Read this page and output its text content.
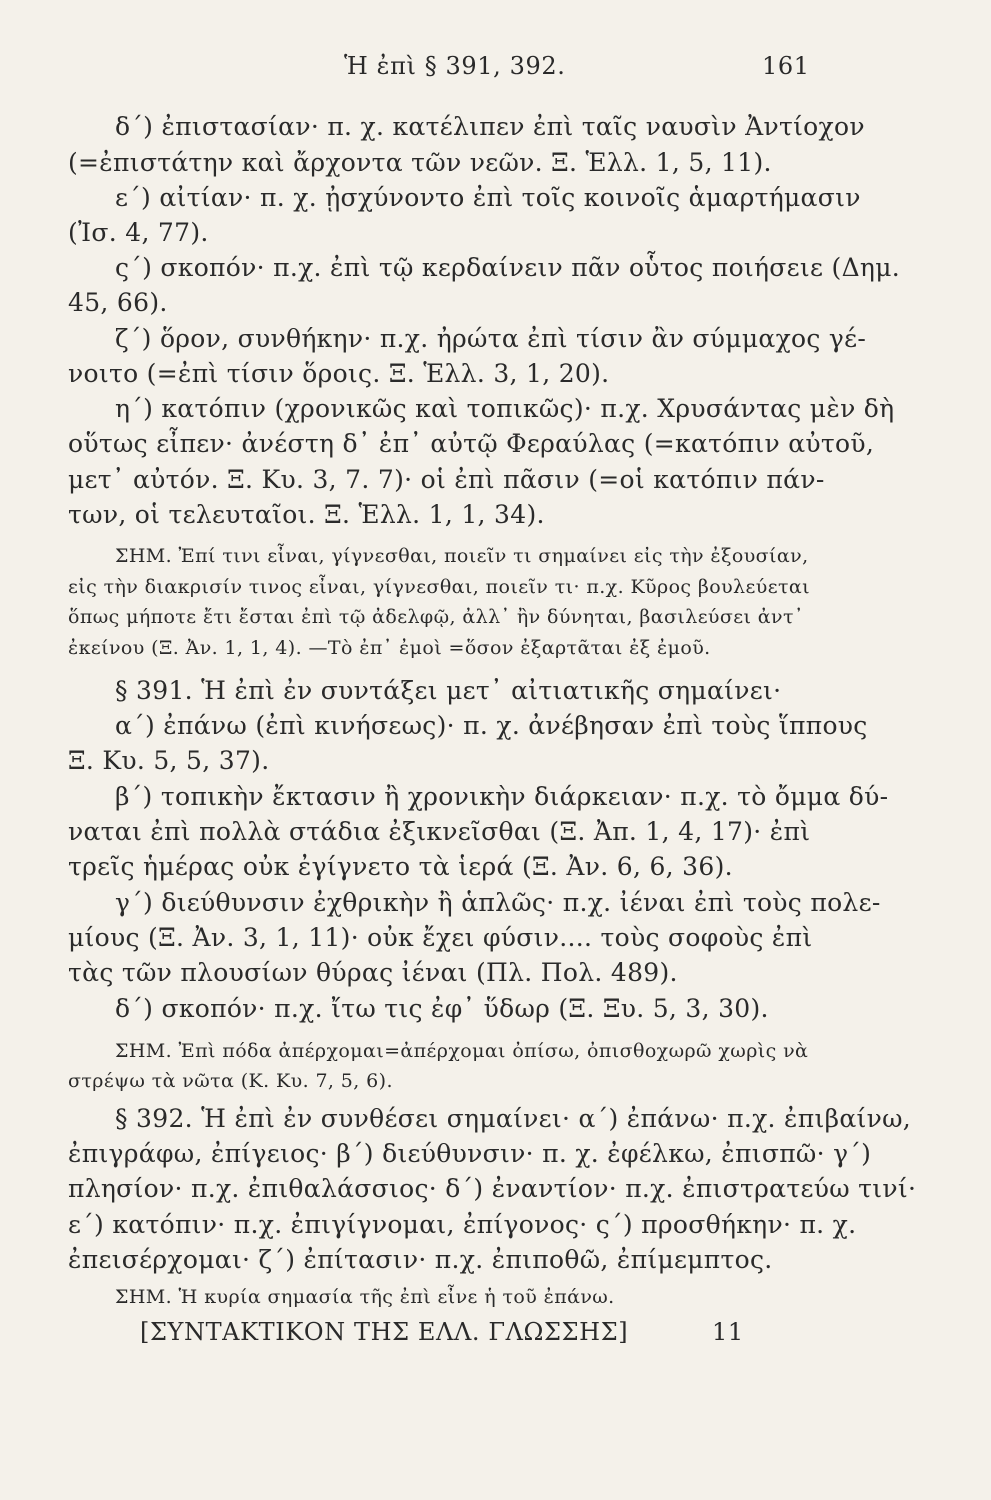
Ἡ ἐπὶ § 391, 392.	161
δ΄) ἐπιστασίαν· π. χ. κατέλιπεν ἐπὶ ταῖς ναυσὶν Ἀντίοχον
(=ἐπιστάτην καὶ ἄρχοντα τῶν νεῶν. Ξ. Ἑλλ. 1, 5, 11).
ε΄) αἰτίαν· π. χ. ᾐσχύνοντο ἐπὶ τοῖς κοινοῖς ἁμαρτήμασιν
(Ἰσ. 4, 77).
ς΄) σκοπόν· π.χ. ἐπὶ τῷ κερδαίνειν πᾶν οὗτος ποιήσειε (Δημ.
45, 66).
ζ΄) ὅρον, συνθήκην· π.χ. ἠρώτα ἐπὶ τίσιν ἂν σύμμαχος γέ-
νοιτο (=ἐπὶ τίσιν ὅροις. Ξ. Ἑλλ. 3, 1, 20).
η΄) κατόπιν (χρονικῶς καὶ τοπικῶς)· π.χ. Χρυσάντας μὲν δὴ
οὕτως εἶπεν· ἀνέστη δ᾽ ἐπ᾽ αὐτῷ Φεραύλας (=κατόπιν αὐτοῦ,
μετ᾽ αὐτόν. Ξ. Κυ. 3, 7. 7)· οἱ ἐπὶ πᾶσιν (=οἱ κατόπιν πάν-
των, οἱ τελευταῖοι. Ξ. Ἑλλ. 1, 1, 34).
ΣΗΜ. Ἐπί τινι εἶναι, γίγνεσθαι, ποιεῖν τι σημαίνει εἰς τὴν ἐξουσίαν,
εἰς τὴν διακρισίν τινος εἶναι, γίγνεσθαι, ποιεῖν τι· π.χ. Κῦρος βουλεύεται
ὅπως μήποτε ἔτι ἔσται ἐπὶ τῷ ἀδελφῷ, ἀλλ᾽ ἢν δύνηται, βασιλεύσει ἀντ᾽
ἐκείνου (Ξ. Ἀν. 1, 1, 4). —Τὸ ἐπ᾽ ἐμοὶ =ὅσον ἐξαρτᾶται ἐξ ἐμοῦ.
§ 391. Ἡ ἐπὶ ἐν συντάξει μετ᾽ αἰτιατικῆς σημαίνει·
α΄) ἐπάνω (ἐπὶ κινήσεως)· π. χ. ἀνέβησαν ἐπὶ τοὺς ἵππους
Ξ. Κυ. 5, 5, 37).
β΄) τοπικὴν ἔκτασιν ἢ χρονικὴν διάρκειαν· π.χ. τὸ ὄμμα δύ-
ναται ἐπὶ πολλὰ στάδια ἐξικνεῖσθαι (Ξ. Ἀπ. 1, 4, 17)· ἐπὶ
τρεῖς ἡμέρας οὐκ ἐγίγνετο τὰ ἱερά (Ξ. Ἀν. 6, 6, 36).
γ΄) διεύθυνσιν ἐχθρικὴν ἢ ἁπλῶς· π.χ. ἰέναι ἐπὶ τοὺς πολε-
μίους (Ξ. Ἀν. 3, 1, 11)· οὐκ ἔχει φύσιν.... τοὺς σοφοὺς ἐπὶ
τὰς τῶν πλουσίων θύρας ἰέναι (Πλ. Πολ. 489).
δ΄) σκοπόν· π.χ. ἴτω τις ἐφ᾽ ὕδωρ (Ξ. Ξυ. 5, 3, 30).
ΣΗΜ. Ἐπὶ πόδα ἀπέρχομαι=ἀπέρχομαι ὀπίσω, ὀπισθοχωρῶ χωρὶς νὰ
στρέψω τὰ νῶτα (Κ. Κυ. 7, 5, 6).
§ 392. Ἡ ἐπὶ ἐν συνθέσει σημαίνει· α΄) ἐπάνω· π.χ. ἐπιβαίνω,
ἐπιγράφω, ἐπίγειος· β΄) διεύθυνσιν· π. χ. ἐφέλκω, ἐπισπῶ· γ΄)
πλησίον· π.χ. ἐπιθαλάσσιος· δ΄) ἐναντίον· π.χ. ἐπιστρατεύω τινί·
ε΄) κατόπιν· π.χ. ἐπιγίγνομαι, ἐπίγονος· ς΄) προσθήκην· π. χ.
ἐπεισέρχομαι· ζ΄) ἐπίτασιν· π.χ. ἐπιποθῶ, ἐπίμεμπτος.
ΣΗΜ. Ἡ κυρία σημασία τῆς ἐπὶ εἶνε ἡ τοῦ ἐπάνω.
[ΣΥΝΤΑΚΤΙΚΟΝ ΤΗΣ ΕΛΛ. ΓΛΩΣΣΗΣ]	11
